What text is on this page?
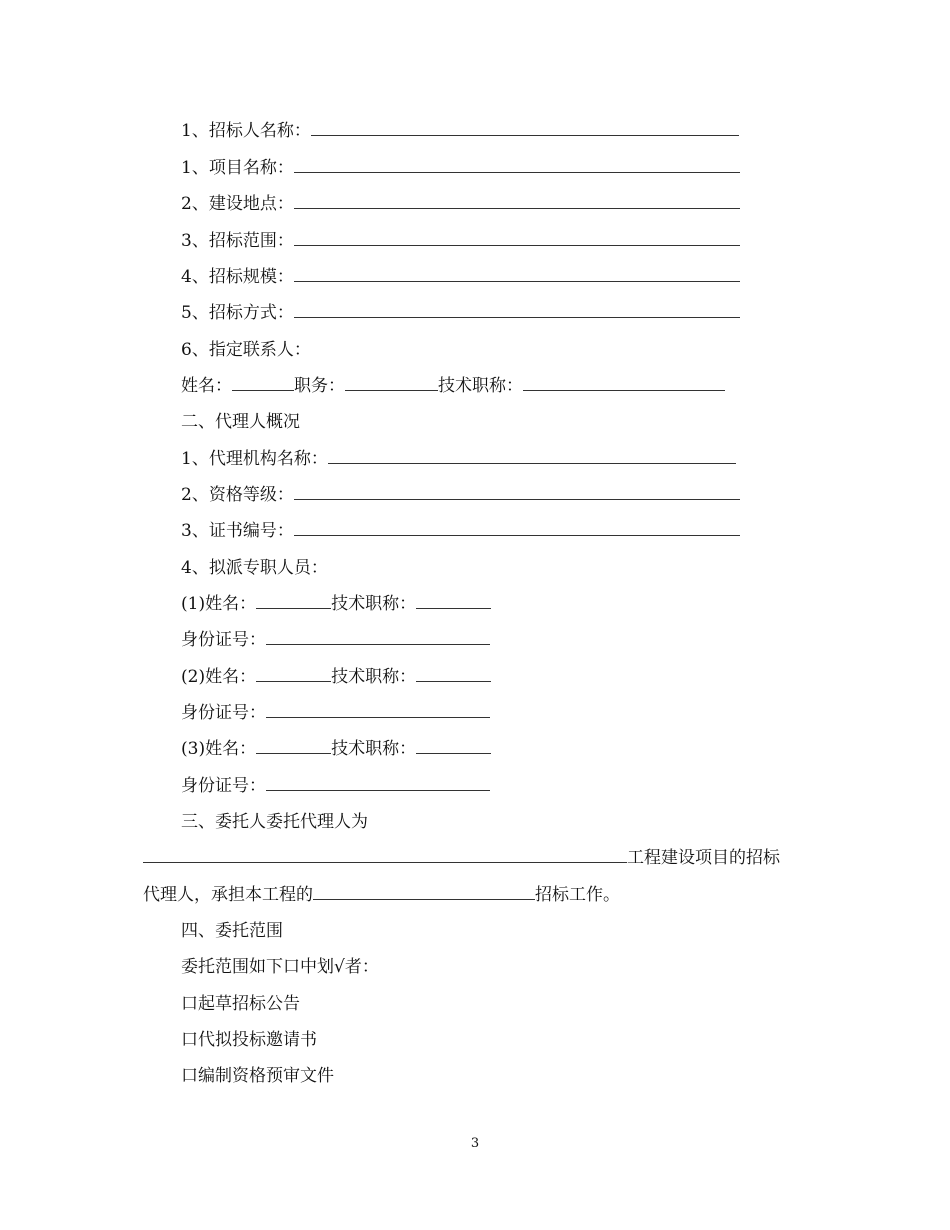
1、招标人名称：
1、项目名称：
2、建设地点：
3、招标范围：
4、招标规模：
5、招标方式：
6、指定联系人：
姓名：	职务：	技术职称：
二、代理人概况
1、代理机构名称：
2、资格等级：
3、证书编号：
4、拟派专职人员：
(1)姓名：	技术职称：
身份证号：
(2)姓名：	技术职称：
身份证号：
(3)姓名：	技术职称：
身份证号：
三、委托人委托代理人为
工程建设项目的招标
代理人，承担本工程的	招标工作。
四、委托范围
委托范围如下口中划√者：
口起草招标公告
口代拟投标邀请书
口编制资格预审文件
3
